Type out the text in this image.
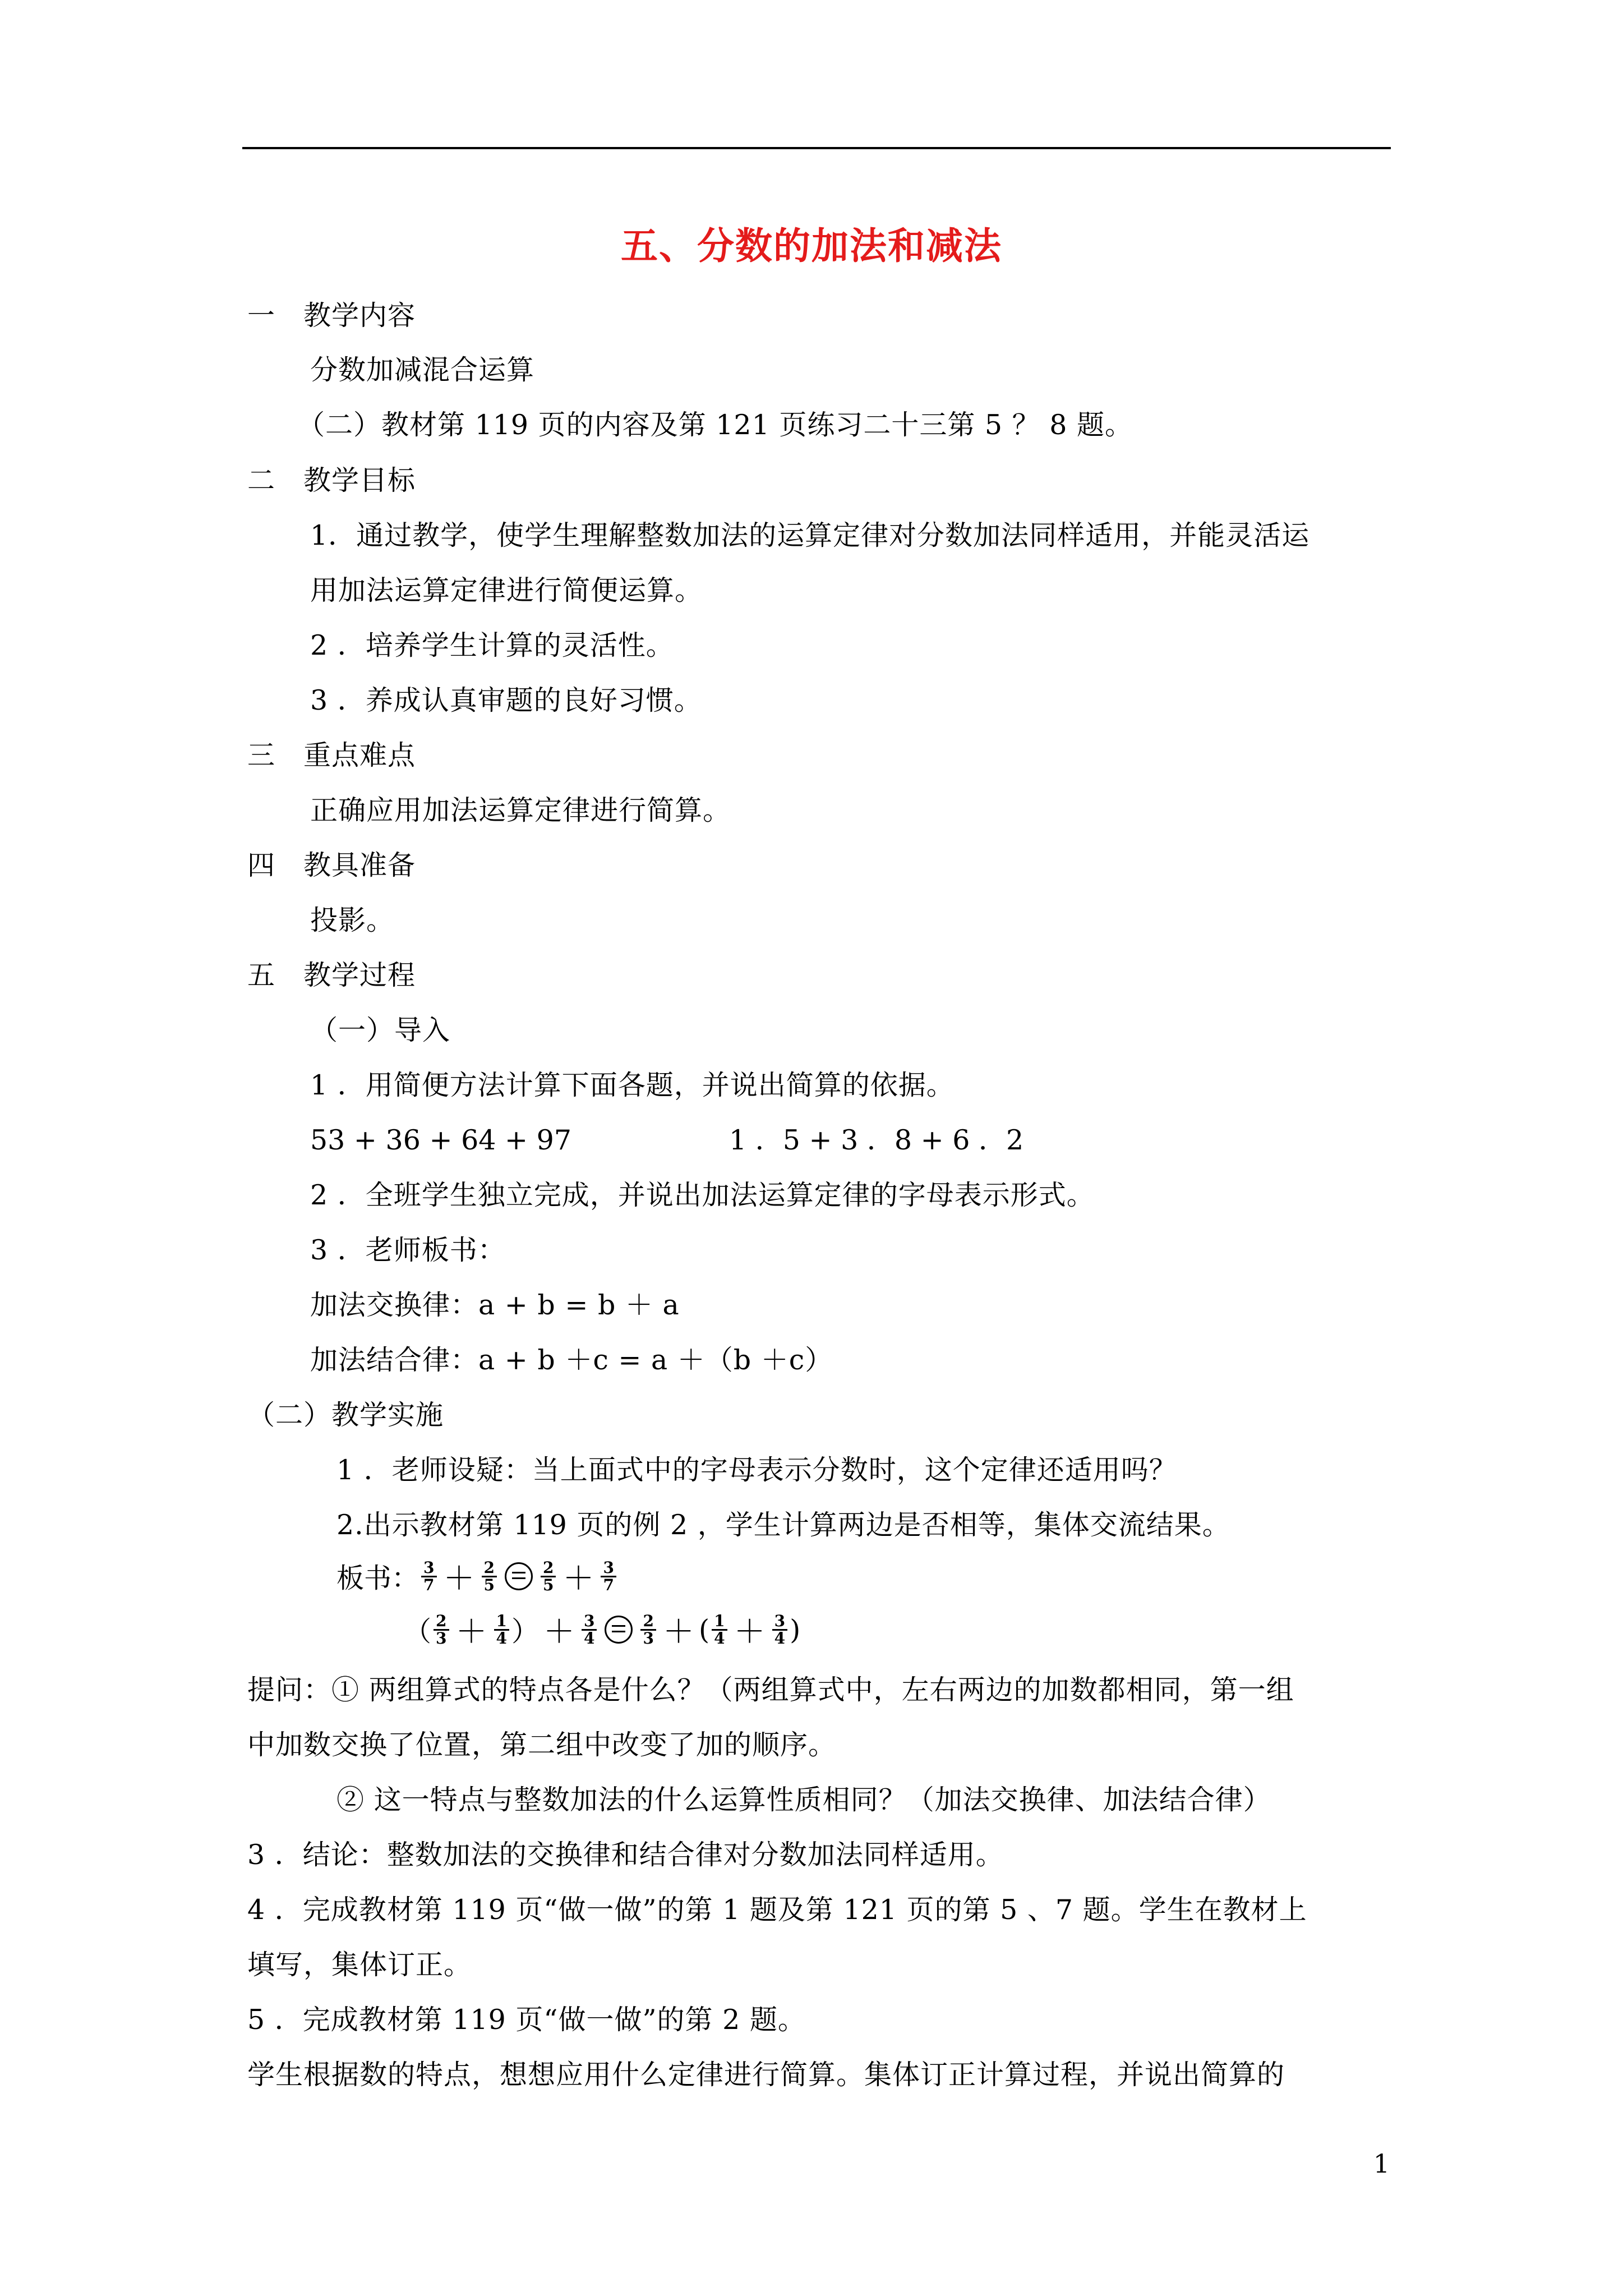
五、分数的加法和减法
一　教学内容
分数加减混合运算
（二）教材第 119 页的内容及第 121 页练习二十三第 5 ？ 8 题。
二　教学目标
1．通过教学，使学生理解整数加法的运算定律对分数加法同样适用，并能灵活运
用加法运算定律进行简便运算。
2 ．培养学生计算的灵活性。
3 ．养成认真审题的良好习惯。
三　重点难点
正确应用加法运算定律进行简算。
四　教具准备
投影。
五　教学过程
（一）导入
1 ．用简便方法计算下面各题，并说出简算的依据。
53 + 36 + 64 + 97	1 ．5 + 3 ．8 + 6 ．2
2 ．全班学生独立完成，并说出加法运算定律的字母表示形式。
3 ．老师板书：
加法交换律：a + b = b ＋ a
加法结合律：a + b ＋c = a ＋（b ＋c）
（二）教学实施
1 ．老师设疑：当上面式中的字母表示分数时，这个定律还适用吗？
2.出示教材第 119 页的例 2 ，学生计算两边是否相等，集体交流结果。
板书： $\frac{3}{7} + \frac{2}{5}$	$\frac{2}{5} + \frac{3}{7}$
（ $\frac{2}{3} + \frac{1}{4}$ ） ＋ $\frac{3}{4}$	$\frac{2}{3}$ ＋ ( $\frac{1}{4} + \frac{3}{4}$ )
提问：① 两组算式的特点各是什么？（两组算式中，左右两边的加数都相同，第一组
中加数交换了位置，第二组中改变了加的顺序。
② 这一特点与整数加法的什么运算性质相同？（加法交换律、加法结合律）
3 ．结论：整数加法的交换律和结合律对分数加法同样适用。
4 ．完成教材第 119 页“做一做”的第 1 题及第 121 页的第 5 、7 题。学生在教材上
填写，集体订正。
5 ．完成教材第 119 页“做一做”的第 2 题。
学生根据数的特点，想想应用什么定律进行简算。集体订正计算过程，并说出简算的
1
